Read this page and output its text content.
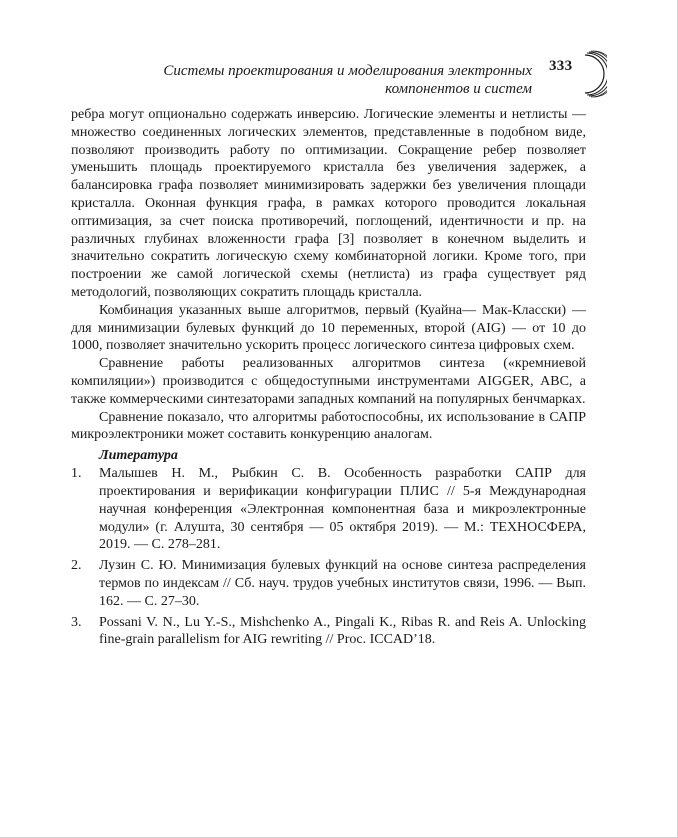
Системы проектирования и моделирования электронных компонентов и систем
333

ребра могут опционально содержать инверсию. Логические элементы и нетлисты — множество соединенных логических элементов, представленные в подобном виде, позволяют производить работу по оптимизации. Сокращение ребер позволяет уменьшить площадь проектируемого кристалла без увеличения задержек, а балансировка графа позволяет минимизировать задержки без увеличения площади кристалла. Оконная функция графа, в рамках которого проводится локальная оптимизация, за счет поиска противоречий, поглощений, идентичности и пр. на различных глубинах вложенности графа [3] позволяет в конечном выделить и значительно сократить логическую схему комбинаторной логики. Кроме того, при построении же самой логической схемы (нетлиста) из графа существует ряд методологий, позволяющих сократить площадь кристалла.

Комбинация указанных выше алгоритмов, первый (Куайна— Мак-Класски) — для минимизации булевых функций до 10 переменных, второй (AIG) — от 10 до 1000, позволяет значительно ускорить процесс логического синтеза цифровых схем.

Сравнение работы реализованных алгоритмов синтеза («кремниевой компиляции») производится с общедоступными инструментами AIGGER, ABC, а также коммерческими синтезаторами западных компаний на популярных бенчмарках.

Сравнение показало, что алгоритмы работоспособны, их использование в САПР микроэлектроники может составить конкуренцию аналогам.

Литература
1. Малышев Н. М., Рыбкин С. В. Особенность разработки САПР для проектирования и верификации конфигурации ПЛИС // 5-я Международная научная конференция «Электронная компонентная база и микроэлектронные модули» (г. Алушта, 30 сентября — 05 октября 2019). — М.: ТЕХНОСФЕРА, 2019. — С. 278–281.
2. Лузин С. Ю. Минимизация булевых функций на основе синтеза распределения термов по индексам // Сб. науч. трудов учебных институтов связи, 1996. — Вып. 162. — С. 27–30.
3. Possani V. N., Lu Y.-S., Mishchenko A., Pingali K., Ribas R. and Reis A. Unlocking fine-grain parallelism for AIG rewriting // Proc. ICCAD’18.
